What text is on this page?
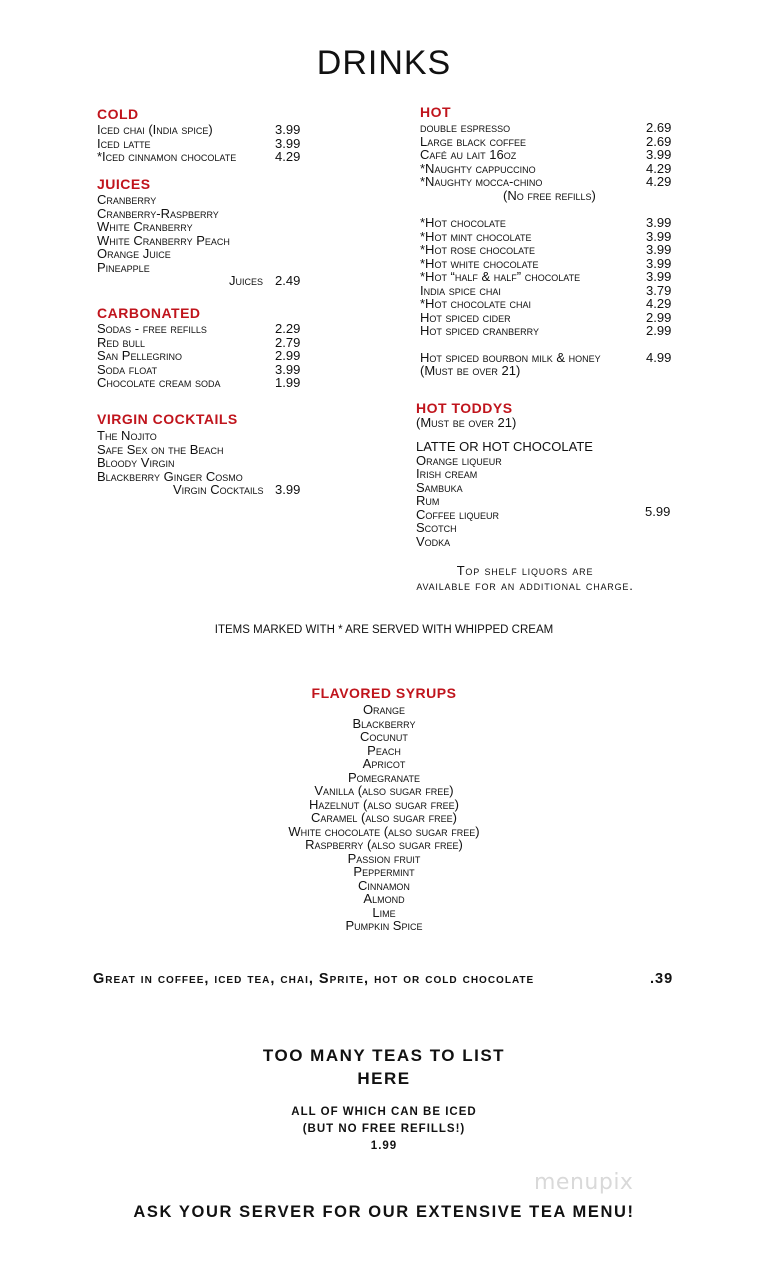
DRINKS
COLD
Iced chai (India spice)	3.99
Iced latte	3.99
*Iced cinnamon chocolate	4.29
JUICES
Cranberry
Cranberry-Raspberry
White Cranberry
White Cranberry Peach
Orange Juice
Pineapple
Juices 2.49
CARBONATED
Sodas - free refills	2.29
Red bull	2.79
San Pellegrino	2.99
Soda float	3.99
Chocolate cream soda	1.99
VIRGIN COCKTAILS
The Nojito
Safe Sex on the Beach
Bloody Virgin
Blackberry Ginger Cosmo
Virgin Cocktails 3.99
HOT
double espresso	2.69
Large black coffee	2.69
Café au lait 16oz	3.99
*Naughty cappuccino	4.29
*Naughty mocca-chino	4.29
(No free refills)
*Hot chocolate	3.99
*Hot mint chocolate	3.99
*Hot rose chocolate	3.99
*Hot white chocolate	3.99
*Hot “half & half” chocolate	3.99
India spice chai	3.79
*Hot chocolate chai	4.29
Hot spiced cider	2.99
Hot spiced cranberry	2.99
Hot spiced bourbon milk & honey	4.99
(Must be over 21)
HOT TODDYS
(Must be over 21)
LATTE OR HOT CHOCOLATE
Orange liqueur
Irish cream
Sambuka
Rum
Coffee liqueur
Scotch
Vodka
5.99
Top shelf liquors are
available for an additional charge.
ITEMS MARKED WITH * ARE SERVED WITH WHIPPED CREAM
FLAVORED SYRUPS
Orange
Blackberry
Cocunut
Peach
Apricot
Pomegranate
Vanilla (also sugar free)
Hazelnut (also sugar free)
Caramel (also sugar free)
White chocolate (also sugar free)
Raspberry (also sugar free)
Passion fruit
Peppermint
Cinnamon
Almond
Lime
Pumpkin Spice
Great in coffee, iced tea, chai, Sprite, hot or cold chocolate	.39
TOO MANY TEAS TO LIST
HERE
ALL OF WHICH CAN BE ICED
(BUT NO FREE REFILLS!)
1.99
menupix
ASK YOUR SERVER FOR OUR EXTENSIVE TEA MENU!
